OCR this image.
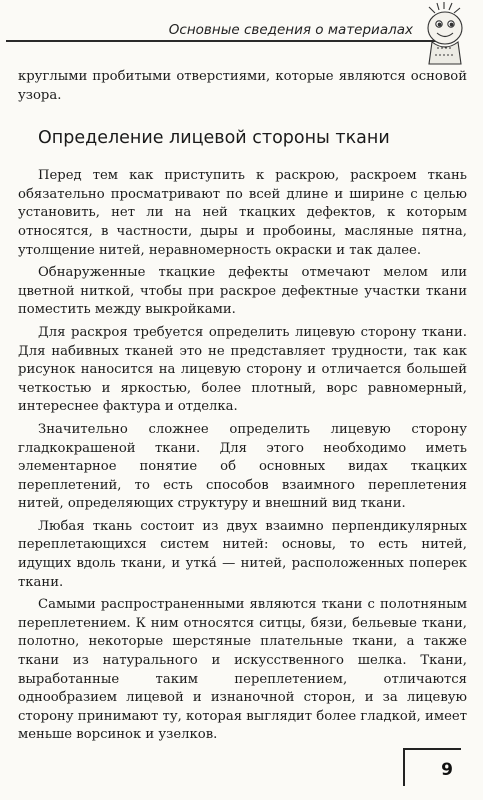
Основные сведения о материалах

круглыми пробитыми отверстиями, которые являются основой узора.

Определение лицевой стороны ткани

Перед тем как приступить к раскрою, раскроем ткань обязательно просматривают по всей длине и ширине с целью установить, нет ли на ней ткацких дефектов, к которым относятся, в частности, дыры и пробоины, масляные пятна, утолщение нитей, неравномерность окраски и так далее.

Обнаруженные ткацкие дефекты отмечают мелом или цветной ниткой, чтобы при раскрое дефектные участки ткани поместить между выкройками.

Для раскроя требуется определить лицевую сторону ткани. Для набивных тканей это не представляет трудности, так как рисунок наносится на лицевую сторону и отличается большей четкостью и яркостью, более плотный, ворс равномерный, интереснее фактура и отделка.

Значительно сложнее определить лицевую сторону гладкокрашеной ткани. Для этого необходимо иметь элементарное понятие об основных видах ткацких переплетений, то есть способов взаимного переплетения нитей, определяющих структуру и внешний вид ткани.

Любая ткань состоит из двух взаимно перпендикулярных переплетающихся систем нитей: основы, то есть нитей, идущих вдоль ткани, и утка́ — нитей, расположенных поперек ткани.

Самыми распространенными являются ткани с полотняным переплетением. К ним относятся ситцы, бязи, бельевые ткани, полотно, некоторые шерстяные плательные ткани, а также ткани из натурального и искусственного шелка. Ткани, выработанные таким переплетением, отличаются однообразием лицевой и изнаночной сторон, и за лицевую сторону принимают ту, которая выглядит более гладкой, имеет меньше ворсинок и узелков.

9
